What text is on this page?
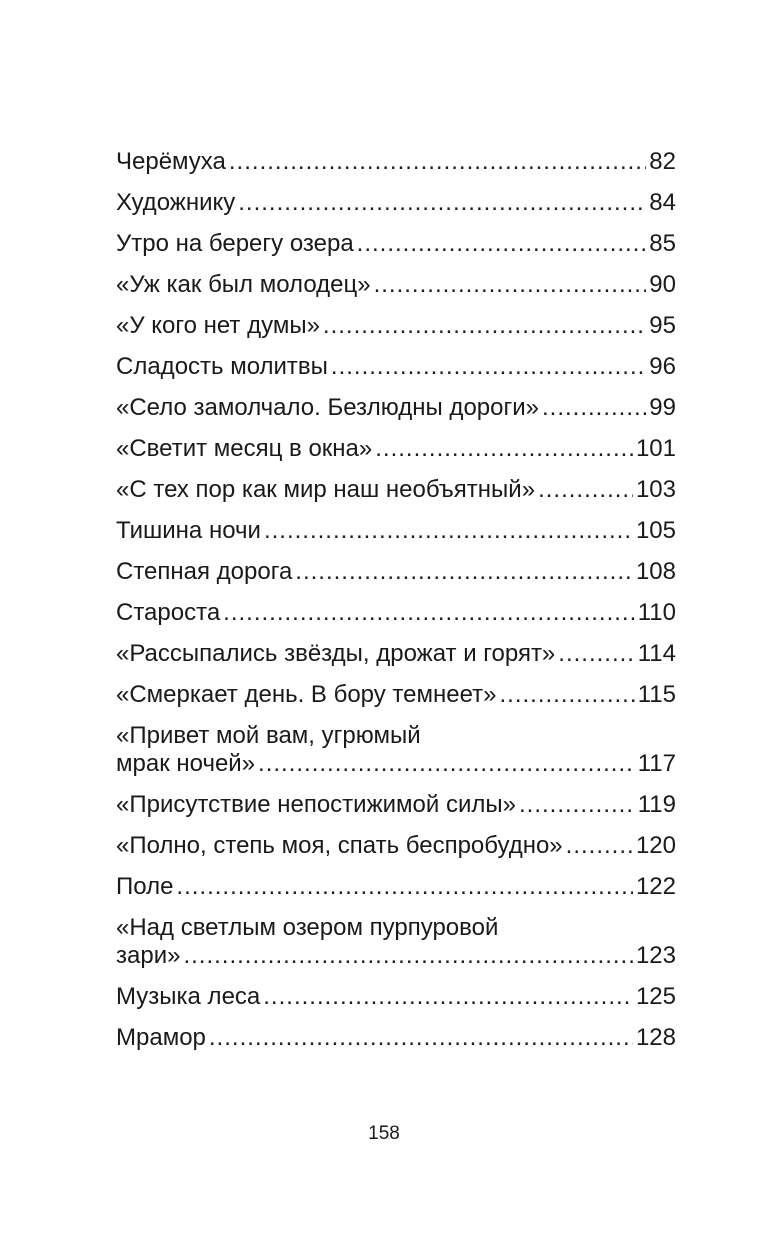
Черёмуха .....	82
Художнику .....	84
Утро на берегу озера .....	85
«Уж как был молодец» .....	90
«У кого нет думы» .....	95
Сладость молитвы .....	96
«Село замолчало. Безлюдны дороги» .....	99
«Светит месяц в окна» .....	101
«С тех пор как мир наш необъятный» .....	103
Тишина ночи .....	105
Степная дорога .....	108
Староста .....	110
«Рассыпались звёзды, дрожат и горят» .....	114
«Смеркает день. В бору темнеет» .....	115
«Привет мой вам, угрюмый
мрак ночей» .....	117
«Присутствие непостижимой силы» .....	119
«Полно, степь моя, спать беспробудно» .....	120
Поле .....	122
«Над светлым озером пурпуровой
зари» .....	123
Музыка леса .....	125
Мрамор .....	128
158
